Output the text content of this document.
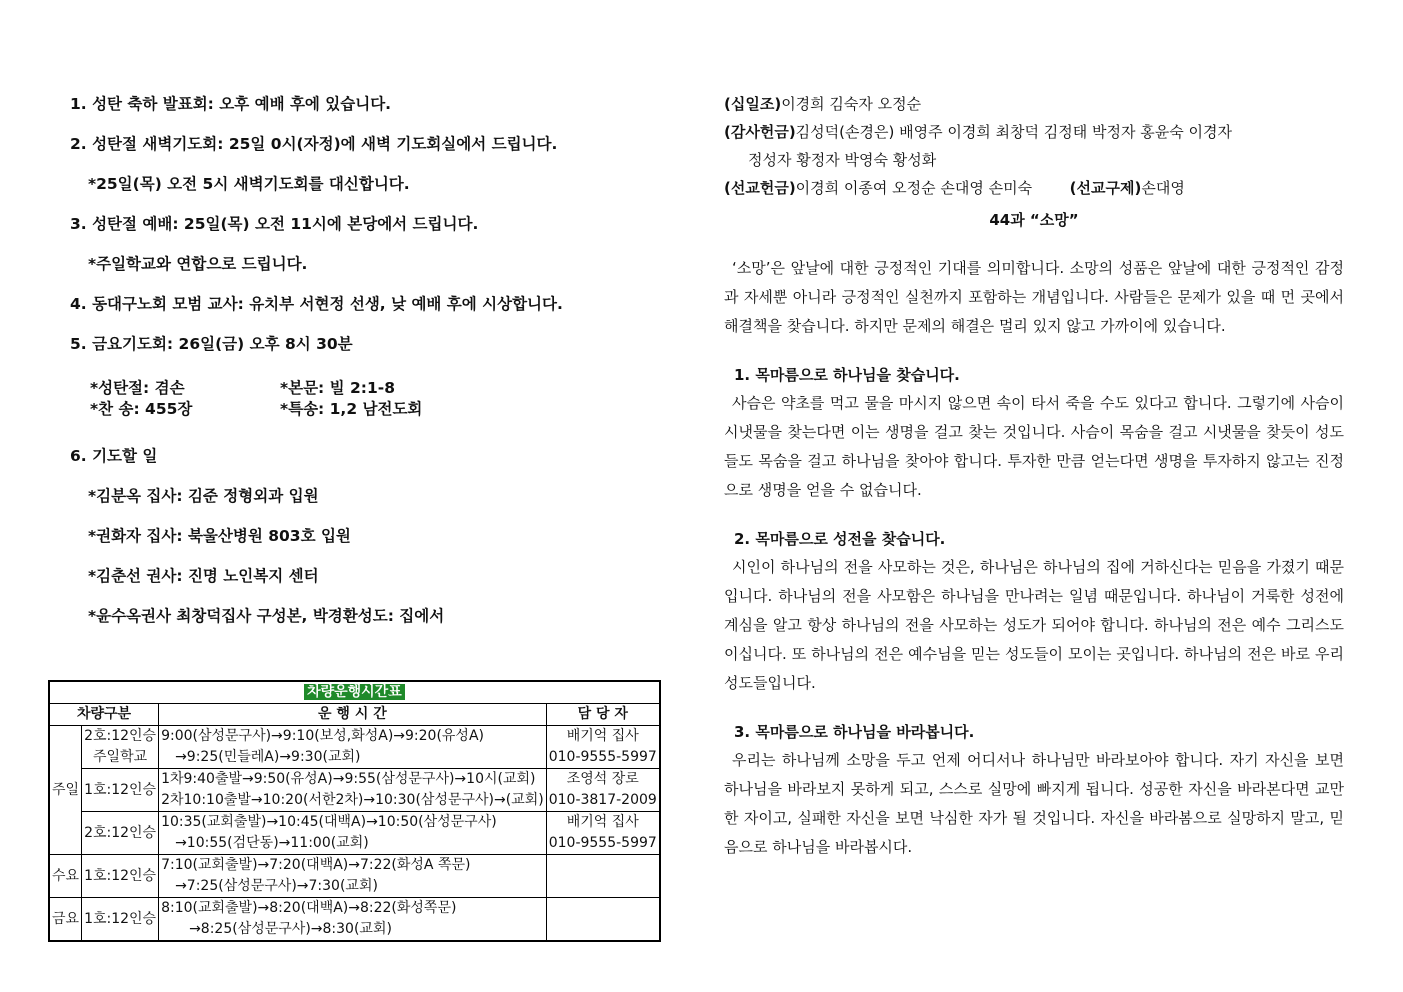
1. 성탄 축하 발표회: 오후 예배 후에 있습니다.
2. 성탄절 새벽기도회: 25일 0시(자정)에 새벽 기도회실에서 드립니다.
*25일(목) 오전 5시 새벽기도회를 대신합니다.
3. 성탄절 예배: 25일(목) 오전 11시에 본당에서 드립니다.
*주일학교와 연합으로 드립니다.
4. 동대구노회 모범 교사: 유치부 서현정 선생, 낮 예배 후에 시상합니다.
5. 금요기도회: 26일(금) 오후 8시 30분
*성탄절: 겸손	*본문: 빌 2:1-8
*찬 송: 455장	*특송: 1,2 남전도회
6. 기도할 일
*김분옥 집사: 김준 정형외과 입원
*권화자 집사: 북울산병원 803호 입원
*김춘선 권사: 진명 노인복지 센터
*윤수옥권사 최창덕집사 구성본, 박경환성도: 집에서
차량운행시간표			
차량구분		운 행 시 간	담 당 자
주일	2호:12인승	9:00(삼성문구사)→9:10(보성,화성A)→9:20(유성A)	배기억 집사
	주일학교	→9:25(민들레A)→9:30(교회)	010-9555-5997
	1호:12인승	1차9:40출발→9:50(유성A)→9:55(삼성문구사)→10시(교회)	조영석 장로
		2차10:10출발→10:20(서한2차)→10:30(삼성문구사)→(교회)	010-3817-2009
	2호:12인승	10:35(교회출발)→10:45(대백A)→10:50(삼성문구사)	배기억 집사
		→10:55(검단동)→11:00(교회)	010-9555-5997
수요	1호:12인승	7:10(교회출발)→7:20(대백A)→7:22(화성A 쪽문)	
		→7:25(삼성문구사)→7:30(교회)	
금요	1호:12인승	8:10(교회출발)→8:20(대백A)→8:22(화성쪽문)	
		→8:25(삼성문구사)→8:30(교회)	
(십일조)이경희 김숙자 오정순
(감사헌금)김성덕(손경은) 배영주 이경희 최창덕 김정태 박정자 홍윤숙 이경자
정성자 황정자 박영숙 황성화
(선교헌금)이경희 이종여 오정순 손대영 손미숙	(선교구제)손대영
44과 “소망”

‘소망’은 앞날에 대한 긍정적인 기대를 의미합니다. 소망의 성품은 앞날에 대한 긍정적인 감정과 자세뿐 아니라 긍정적인 실천까지 포함하는 개념입니다. 사람들은 문제가 있을 때 먼 곳에서 해결책을 찾습니다. 하지만 문제의 해결은 멀리 있지 않고 가까이에 있습니다.

1. 목마름으로 하나님을 찾습니다.

사슴은 약초를 먹고 물을 마시지 않으면 속이 타서 죽을 수도 있다고 합니다. 그렇기에 사슴이 시냇물을 찾는다면 이는 생명을 걸고 찾는 것입니다. 사슴이 목숨을 걸고 시냇물을 찾듯이 성도들도 목숨을 걸고 하나님을 찾아야 합니다. 투자한 만큼 얻는다면 생명을 투자하지 않고는 진정으로 생명을 얻을 수 없습니다.

2. 목마름으로 성전을 찾습니다.

시인이 하나님의 전을 사모하는 것은, 하나님은 하나님의 집에 거하신다는 믿음을 가졌기 때문입니다. 하나님의 전을 사모함은 하나님을 만나려는 일념 때문입니다. 하나님이 거룩한 성전에 계심을 알고 항상 하나님의 전을 사모하는 성도가 되어야 합니다. 하나님의 전은 예수 그리스도이십니다. 또 하나님의 전은 예수님을 믿는 성도들이 모이는 곳입니다. 하나님의 전은 바로 우리 성도들입니다.

3. 목마름으로 하나님을 바라봅니다.

우리는 하나님께 소망을 두고 언제 어디서나 하나님만 바라보아야 합니다. 자기 자신을 보면 하나님을 바라보지 못하게 되고, 스스로 실망에 빠지게 됩니다. 성공한 자신을 바라본다면 교만한 자이고, 실패한 자신을 보면 낙심한 자가 될 것입니다. 자신을 바라봄으로 실망하지 말고, 믿음으로 하나님을 바라봅시다.
